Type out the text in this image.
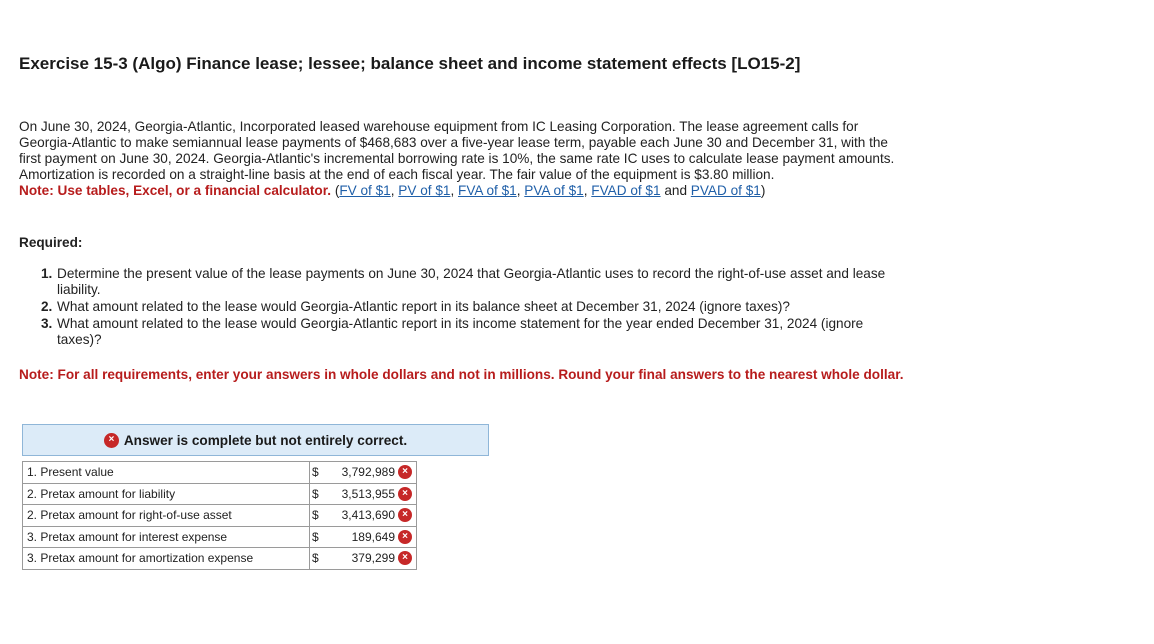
Exercise 15-3 (Algo) Finance lease; lessee; balance sheet and income statement effects [LO15-2]

On June 30, 2024, Georgia-Atlantic, Incorporated leased warehouse equipment from IC Leasing Corporation. The lease agreement calls for Georgia-Atlantic to make semiannual lease payments of $468,683 over a five-year lease term, payable each June 30 and December 31, with the first payment on June 30, 2024. Georgia-Atlantic's incremental borrowing rate is 10%, the same rate IC uses to calculate lease payment amounts. Amortization is recorded on a straight-line basis at the end of each fiscal year. The fair value of the equipment is $3.80 million.

Note: Use tables, Excel, or a financial calculator. (FV of $1, PV of $1, FVA of $1, PVA of $1, FVAD of $1 and PVAD of $1)

Required:
1. Determine the present value of the lease payments on June 30, 2024 that Georgia-Atlantic uses to record the right-of-use asset and lease liability.
2. What amount related to the lease would Georgia-Atlantic report in its balance sheet at December 31, 2024 (ignore taxes)?
3. What amount related to the lease would Georgia-Atlantic report in its income statement for the year ended December 31, 2024 (ignore taxes)?
Note: For all requirements, enter your answers in whole dollars and not in millions. Round your final answers to the nearest whole dollar.
× Answer is complete but not entirely correct.
1. Present value	$ 3,792,989 ×

2. Pretax amount for liability	$ 3,513,955 ×

2. Pretax amount for right-of-use asset	$ 3,413,690 ×

3. Pretax amount for interest expense	$ 189,649 ×

3. Pretax amount for amortization expense	$ 379,299 ×
